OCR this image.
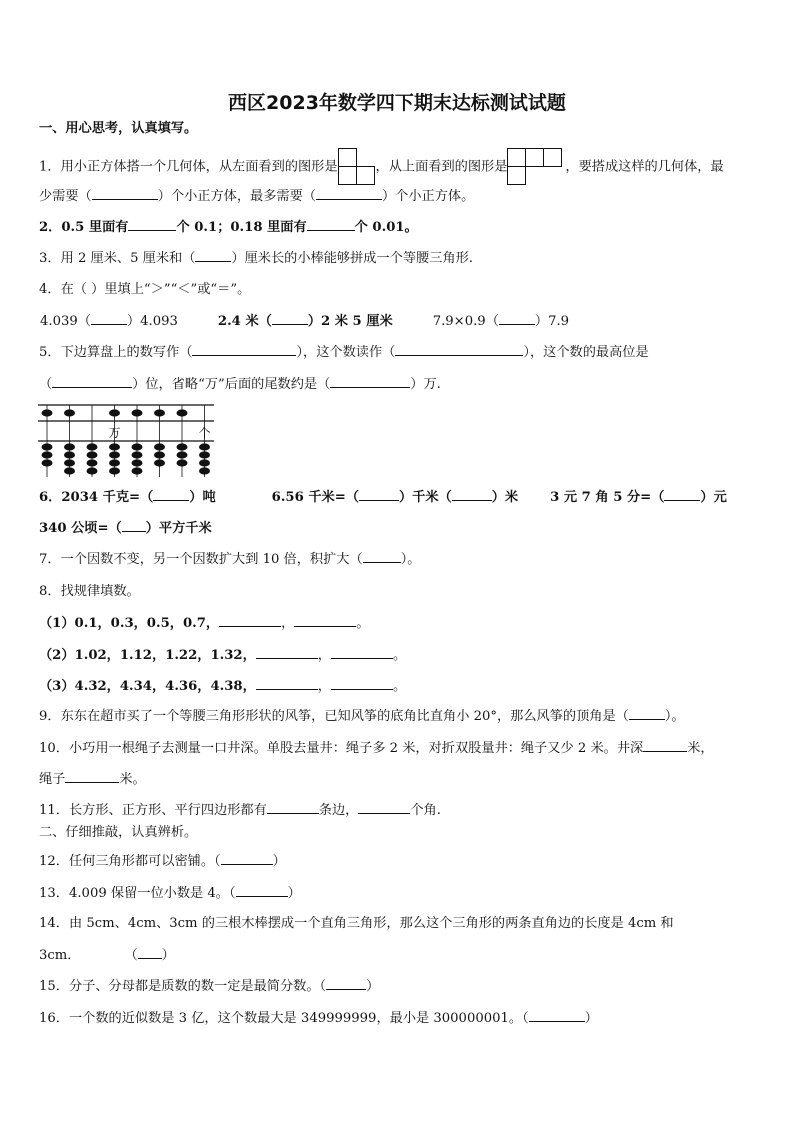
西区2023年数学四下期末达标测试试题
一、用心思考，认真填写。
1．用小正方体搭一个几何体，从左面看到的图形是	，从上面看到的图形是	，要搭成这样的几何体，最
少需要（	）个小正方体，最多需要（	）个小正方体。
2．0.5 里面有	个 0.1；0.18 里面有	个 0.01。
3．用 2 厘米、5 厘米和（	）厘米长的小棒能够拼成一个等腰三角形.
4．在（ ）里填上“＞”“＜”或“＝”。
4.039（	）4.093	2.4 米（	）2 米 5 厘米	7.9×0.9（	）7.9
5．下边算盘上的数写作（	），这个数读作（	），这个数的最高位是
（	）位，省略“万”后面的尾数约是（	）万.
万	个
6．2034 千克=（	）吨	6.56 千米=（	）千米（	）米 3 元 7 角 5 分=（	）元
340 公顷=（ ）平方千米
7．一个因数不变，另一个因数扩大到 10 倍，积扩大（	）。
8．找规律填数。
（1）0.1，0.3，0.5，0.7，	，	。
（2）1.02，1.12，1.22，1.32，	，	。
（3）4.32，4.34，4.36，4.38，	，	。
9．东东在超市买了一个等腰三角形形状的风筝，已知风筝的底角比直角小 20°，那么风筝的顶角是（	）。
10．小巧用一根绳子去测量一口井深。单股去量井：绳子多 2 米，对折双股量井：绳子又少 2 米。井深	米，
绳子	米。
11．长方形、正方形、平行四边形都有	条边，	个角.
二、仔细推敲，认真辨析。
12．任何三角形都可以密铺。（	）
13．4.009 保留一位小数是 4。（	）
14．由 5cm、4cm、3cm 的三根木棒摆成一个直角三角形，那么这个三角形的两条直角边的长度是 4cm 和
3cm．	（ ）
15．分子、分母都是质数的数一定是最简分数。（	）
16．一个数的近似数是 3 亿，这个数最大是 349999999，最小是 300000001。（	）
